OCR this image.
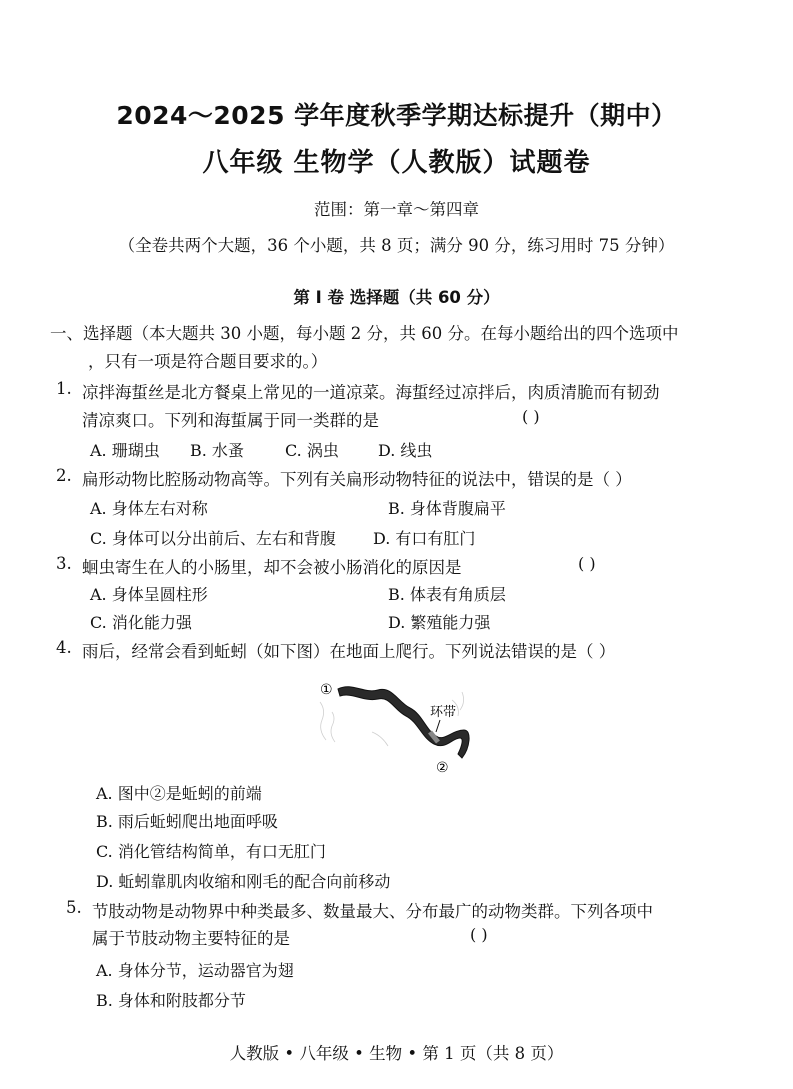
2024～2025 学年度秋季学期达标提升（期中）
八年级 生物学（人教版）试题卷
范围：第一章～第四章
（全卷共两个大题，36 个小题，共 8 页；满分 90 分，练习用时 75 分钟）
第 I 卷 选择题（共 60 分）
一、选择题（本大题共 30 小题，每小题 2 分，共 60 分。在每小题给出的四个选项中
，只有一项是符合题目要求的。）
1. 凉拌海蜇丝是北方餐桌上常见的一道凉菜。海蜇经过凉拌后，肉质清脆而有韧劲
清凉爽口。下列和海蜇属于同一类群的是	( )
A. 珊瑚虫 B. 水蚤	C. 涡虫 D. 线虫
2. 扁形动物比腔肠动物高等。下列有关扁形动物特征的说法中，错误的是（ ）
A. 身体左右对称	B. 身体背腹扁平
C. 身体可以分出前后、左右和背腹 D. 有口有肛门
3. 蛔虫寄生在人的小肠里，却不会被小肠消化的原因是	( )
A. 身体呈圆柱形	B. 体表有角质层
C. 消化能力强	D. 繁殖能力强
4. 雨后，经常会看到蚯蚓（如下图）在地面上爬行。下列说法错误的是（ ）
①
环带
②
A. 图中②是蚯蚓的前端
B. 雨后蚯蚓爬出地面呼吸
C. 消化管结构简单，有口无肛门
D. 蚯蚓靠肌肉收缩和刚毛的配合向前移动
5. 节肢动物是动物界中种类最多、数量最大、分布最广的动物类群。下列各项中
属于节肢动物主要特征的是	( )
A. 身体分节，运动器官为翅
B. 身体和附肢都分节
人教版 • 八年级 • 生物 • 第 1 页（共 8 页）
